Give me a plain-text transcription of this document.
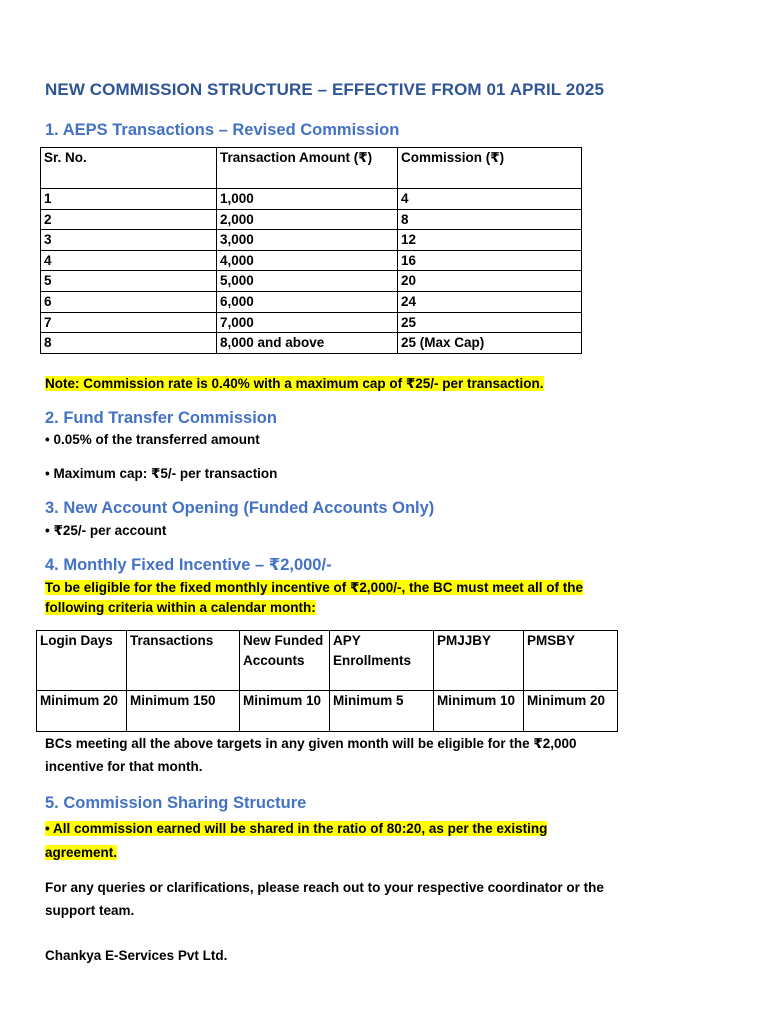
NEW COMMISSION STRUCTURE – EFFECTIVE FROM 01 APRIL 2025
1. AEPS Transactions – Revised Commission
Sr. No.	Transaction Amount (₹)	Commission (₹)
1	1,000	4
2	2,000	8
3	3,000	12
4	4,000	16
5	5,000	20
6	6,000	24
7	7,000	25
8	8,000 and above	25 (Max Cap)
Note: Commission rate is 0.40% with a maximum cap of ₹25/- per transaction.
2. Fund Transfer Commission
• 0.05% of the transferred amount
• Maximum cap: ₹5/- per transaction
3. New Account Opening (Funded Accounts Only)
• ₹25/- per account
4. Monthly Fixed Incentive – ₹2,000/-
To be eligible for the fixed monthly incentive of ₹2,000/-, the BC must meet all of the
following criteria within a calendar month:
Login Days	Transactions	New Funded Accounts	APY Enrollments	PMJJBY	PMSBY
Minimum 20	Minimum 150	Minimum 10	Minimum 5	Minimum 10	Minimum 20
BCs meeting all the above targets in any given month will be eligible for the ₹2,000
incentive for that month.
5. Commission Sharing Structure
• All commission earned will be shared in the ratio of 80:20, as per the existing
agreement.
For any queries or clarifications, please reach out to your respective coordinator or the
support team.
Chankya E-Services Pvt Ltd.
